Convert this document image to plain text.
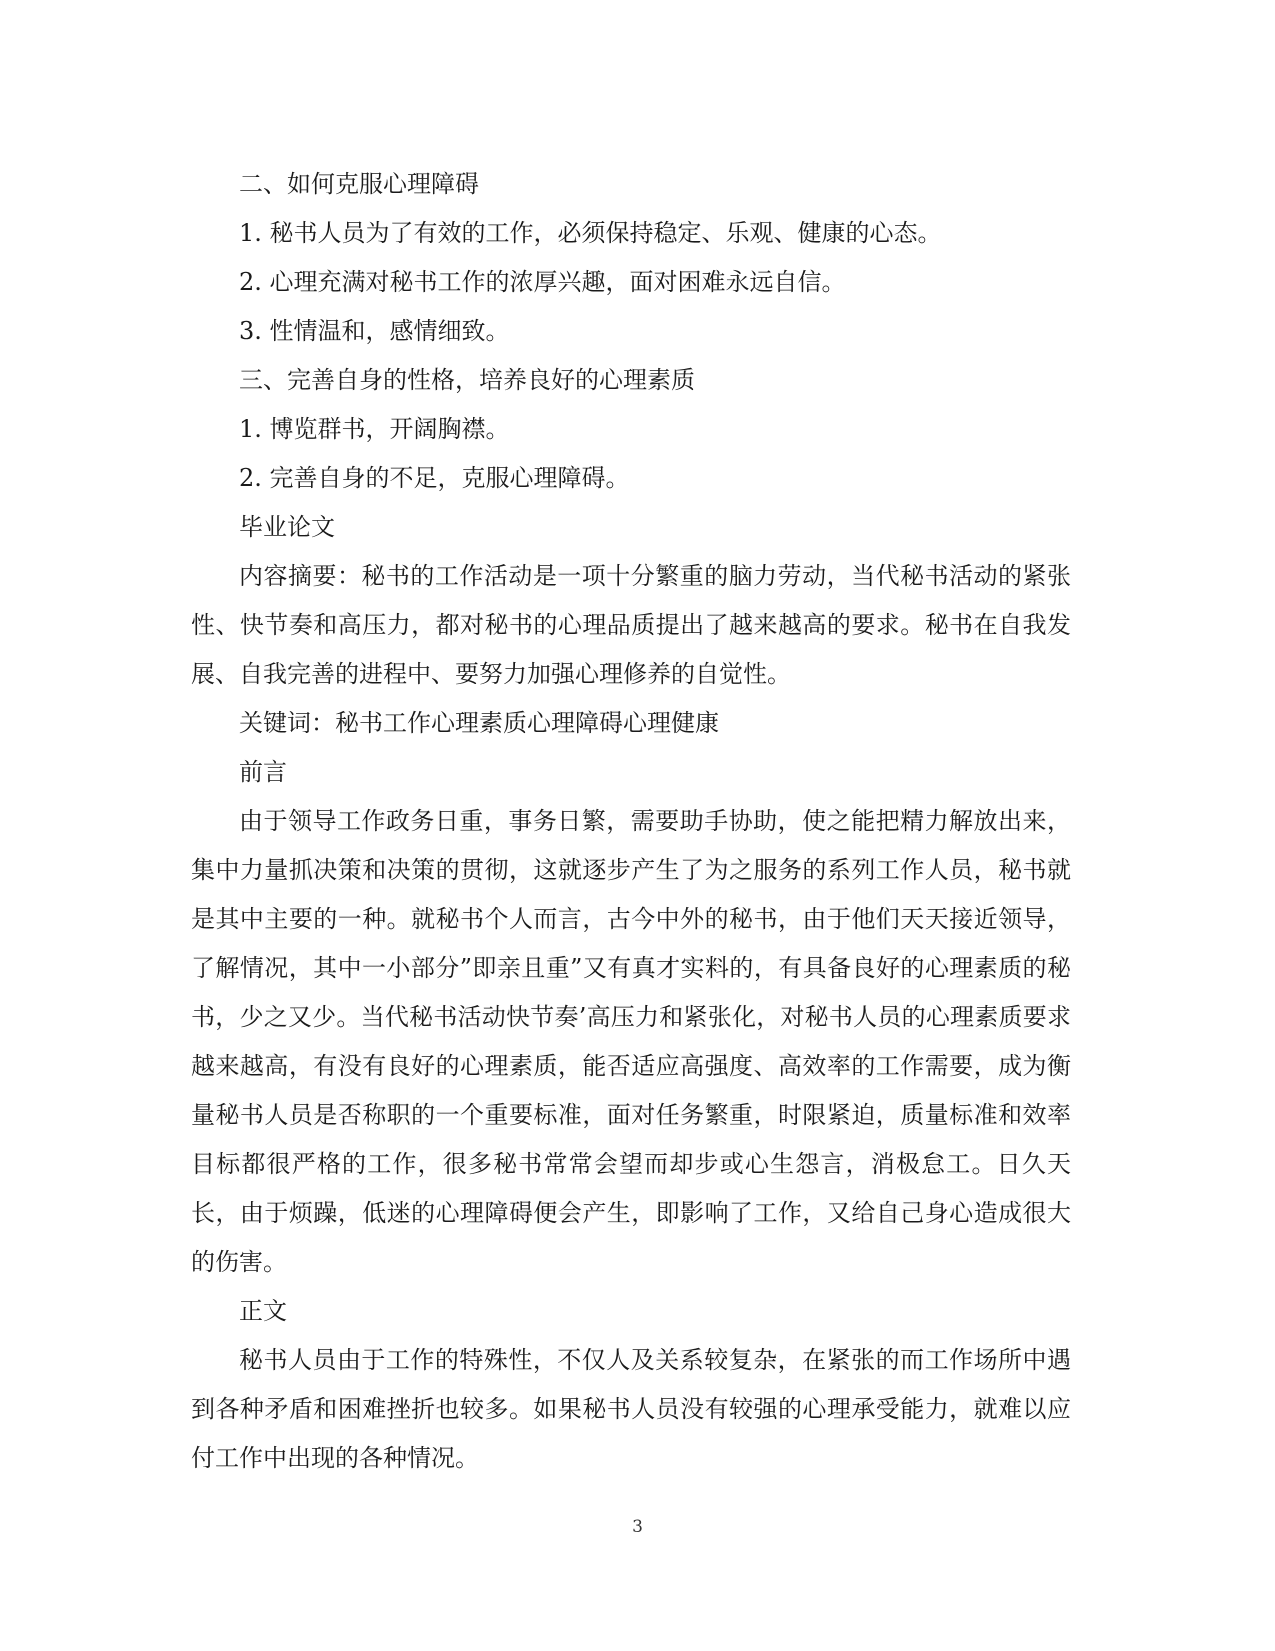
二、如何克服心理障碍

1. 秘书人员为了有效的工作，必须保持稳定、乐观、健康的心态。

2. 心理充满对秘书工作的浓厚兴趣，面对困难永远自信。

3. 性情温和，感情细致。

三、完善自身的性格，培养良好的心理素质

1. 博览群书，开阔胸襟。

2. 完善自身的不足，克服心理障碍。

毕业论文

内容摘要：秘书的工作活动是一项十分繁重的脑力劳动，当代秘书活动的紧张性、快节奏和高压力，都对秘书的心理品质提出了越来越高的要求。秘书在自我发展、自我完善的进程中、要努力加强心理修养的自觉性。

关键词：秘书工作心理素质心理障碍心理健康

前言

由于领导工作政务日重，事务日繁，需要助手协助，使之能把精力解放出来，集中力量抓决策和决策的贯彻，这就逐步产生了为之服务的系列工作人员，秘书就是其中主要的一种。就秘书个人而言，古今中外的秘书，由于他们天天接近领导，了解情况，其中一小部分”即亲且重”又有真才实料的，有具备良好的心理素质的秘书，少之又少。当代秘书活动快节奏’高压力和紧张化，对秘书人员的心理素质要求越来越高，有没有良好的心理素质，能否适应高强度、高效率的工作需要，成为衡量秘书人员是否称职的一个重要标准，面对任务繁重，时限紧迫，质量标准和效率目标都很严格的工作，很多秘书常常会望而却步或心生怨言，消极怠工。日久天长，由于烦躁，低迷的心理障碍便会产生，即影响了工作，又给自己身心造成很大的伤害。

正文

秘书人员由于工作的特殊性，不仅人及关系较复杂，在紧张的而工作场所中遇到各种矛盾和困难挫折也较多。如果秘书人员没有较强的心理承受能力，就难以应付工作中出现的各种情况。

3
